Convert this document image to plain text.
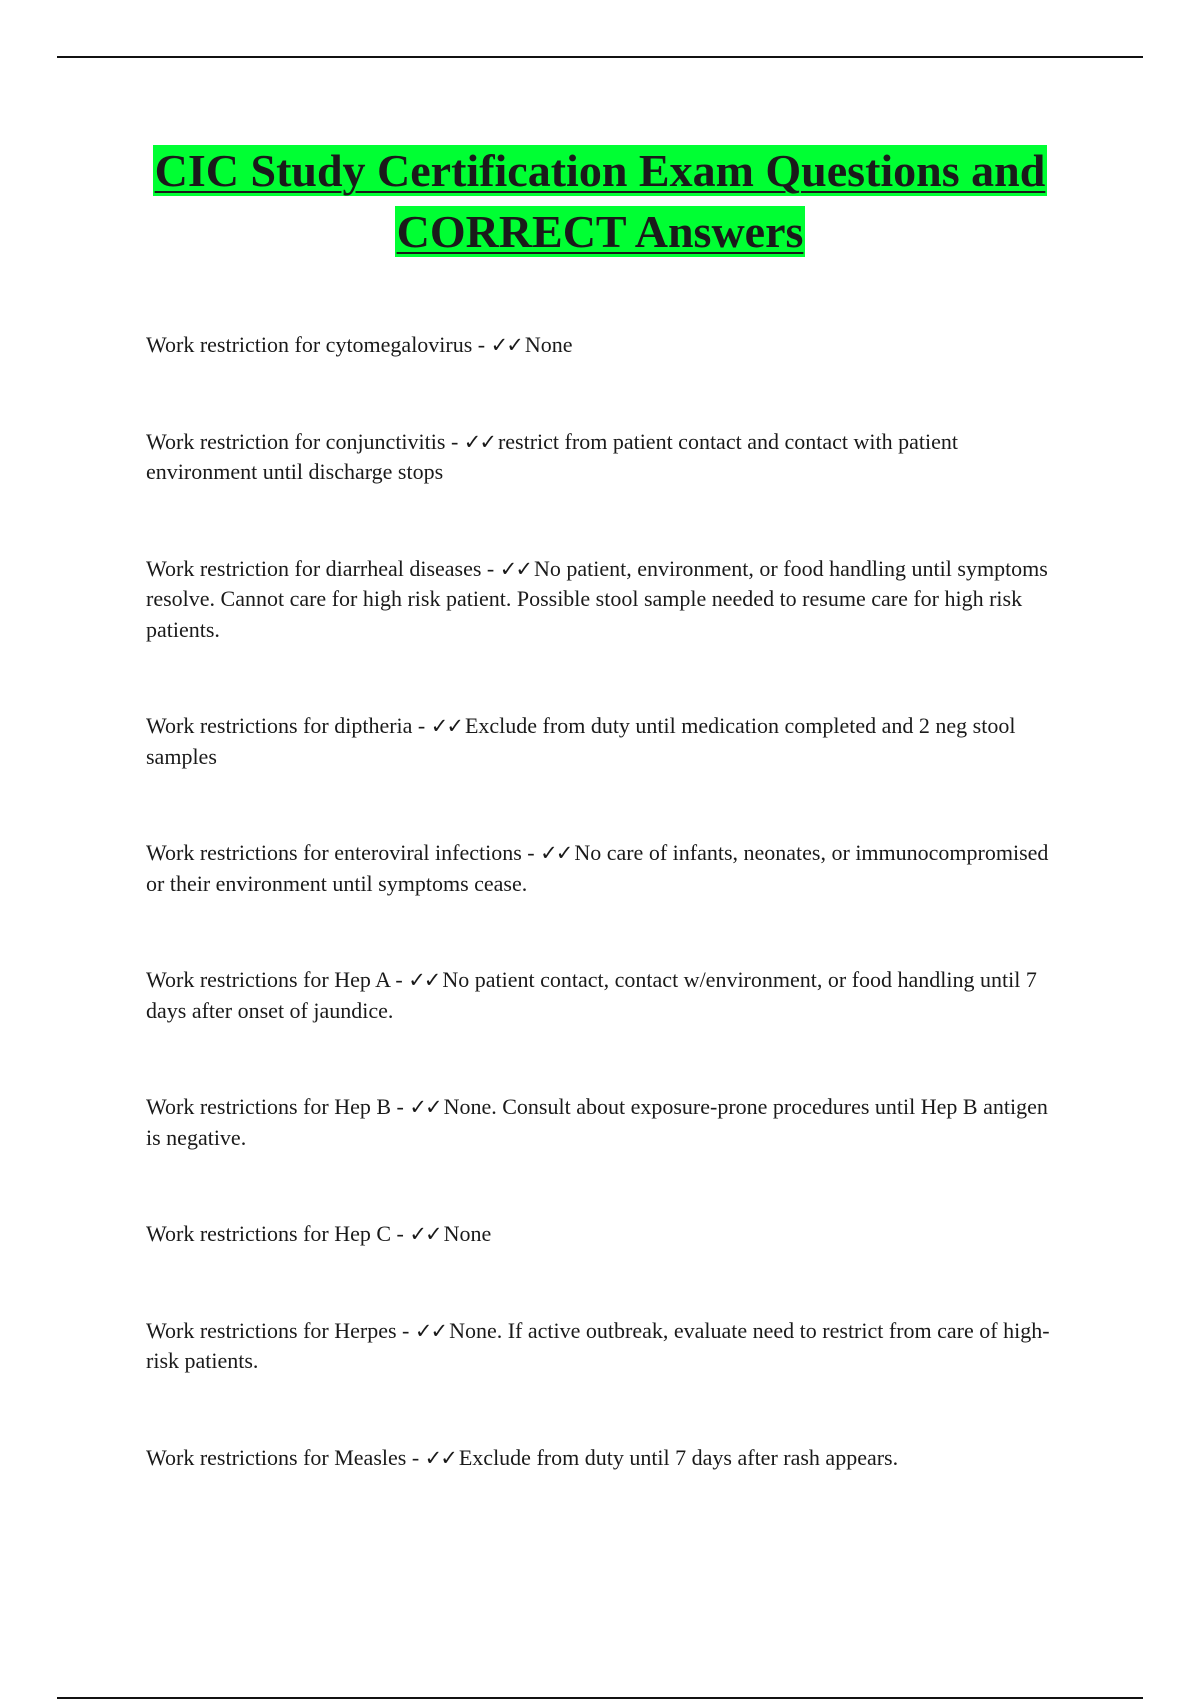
CIC Study Certification Exam Questions and CORRECT Answers
Work restriction for cytomegalovirus - ✓✓ None
Work restriction for conjunctivitis - ✓✓ restrict from patient contact and contact with patient environment until discharge stops
Work restriction for diarrheal diseases - ✓✓ No patient, environment, or food handling until symptoms resolve. Cannot care for high risk patient. Possible stool sample needed to resume care for high risk patients.
Work restrictions for diptheria - ✓✓ Exclude from duty until medication completed and 2 neg stool samples
Work restrictions for enteroviral infections - ✓✓ No care of infants, neonates, or immunocompromised or their environment until symptoms cease.
Work restrictions for Hep A - ✓✓ No patient contact, contact w/environment, or food handling until 7 days after onset of jaundice.
Work restrictions for Hep B - ✓✓ None. Consult about exposure-prone procedures until Hep B antigen is negative.
Work restrictions for Hep C - ✓✓ None
Work restrictions for Herpes - ✓✓ None. If active outbreak, evaluate need to restrict from care of high-risk patients.
Work restrictions for Measles - ✓✓ Exclude from duty until 7 days after rash appears.
